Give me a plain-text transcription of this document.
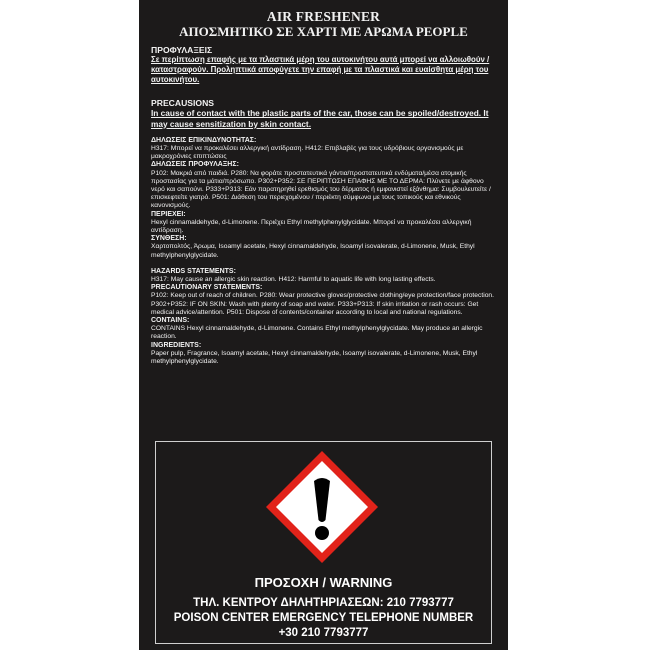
AIR FRESHENER
ΑΠΟΣΜΗΤΙΚΟ ΣΕ ΧΑΡΤΙ ΜΕ ΑΡΩΜΑ PEOPLE
ΠΡΟΦΥΛΑΞΕΙΣ
Σε περίπτωση επαφής με τα πλαστικά μέρη του αυτοκινήτου αυτά μπορεί να αλλοιωθούν / καταστραφούν. Προληπτικά αποφύγετε την επαφή με τα πλαστικά και ευαίσθητα μέρη του αυτοκινήτου.
PRECAUSIONS
In cause of contact with the plastic parts of the car, those can be spoiled/destroyed. It may cause sensitization by skin contact.
ΔΗΛΩΣΕΙΣ ΕΠΙΚΙΝΔΥΝΟΤΗΤΑΣ:
H317: Μπορεί να προκαλέσει αλλεργική αντίδραση. H412: Επιβλαβές για τους υδρόβιους οργανισμούς με μακροχρόνιες επιπτώσεις
ΔΗΛΩΣΕΙΣ ΠΡΟΦΥΛΑΞΗΣ:
P102: Μακριά από παιδιά. P280: Να φοράτε προστατευτικά γάντια/προστατευτικά ενδύματα/μέσα ατομικής προστασίας για τα μάτια/πρόσωπο. P302+P352: ΣΕ ΠΕΡΙΠΤΩΣΗ ΕΠΑΦΗΣ ΜΕ ΤΟ ΔΕΡΜΑ: Πλύνετε με άφθονο νερό και σαπούνι. P333+P313: Εάν παρατηρηθεί ερεθισμός του δέρματος ή εμφανιστεί εξάνθημα: Συμβουλευτείτε / επισκεφτείτε γιατρό. P501: Διάθεση του περιεχομένου / περιέκτη σύμφωνα με τους τοπικούς και εθνικούς κανονισμούς.
ΠΕΡΙΕΧΕΙ:
Hexyl cinnamaldehyde, d-Limonene. Περιέχει Ethyl methylphenylglycidate. Μπορεί να προκαλέσει αλλεργική αντίδραση.
ΣΥΝΘΕΣΗ:
Χαρτοπολτός, Άρωμα, Isoamyl acetate, Hexyl cinnamaldehyde, Isoamyl isovalerate, d-Limonene, Musk, Ethyl methylphenylglycidate.
HAZARDS STATEMENTS:
H317: May cause an allergic skin reaction. H412: Harmful to aquatic life with long lasting effects.
PRECAUTIONARY STATEMENTS:
P102: Keep out of reach of children. P280: Wear protective gloves/protective clothing/eye protection/face protection. P302+P352: IF ON SKIN: Wash with plenty of soap and water. P333+P313: If skin irritation or rash occurs: Get medical advice/attention. P501: Dispose of contents/container according to local and national regulations.
CONTAINS:
CONTAINS Hexyl cinnamaldehyde, d-Limonene. Contains Ethyl methylphenylglycidate. May produce an allergic reaction.
INGREDIENTS:
Paper pulp, Fragrance, Isoamyl acetate, Hexyl cinnamaldehyde, Isoamyl isovalerate, d-Limonene, Musk, Ethyl methylphenylglycidate.
ΠΡΟΣΟΧΗ / WARNING
ΤΗΛ. ΚΕΝΤΡΟΥ ΔΗΛΗΤΗΡΙΑΣΕΩΝ: 210 7793777
POISON CENTER EMERGENCY TELEPHONE NUMBER
+30 210 7793777
